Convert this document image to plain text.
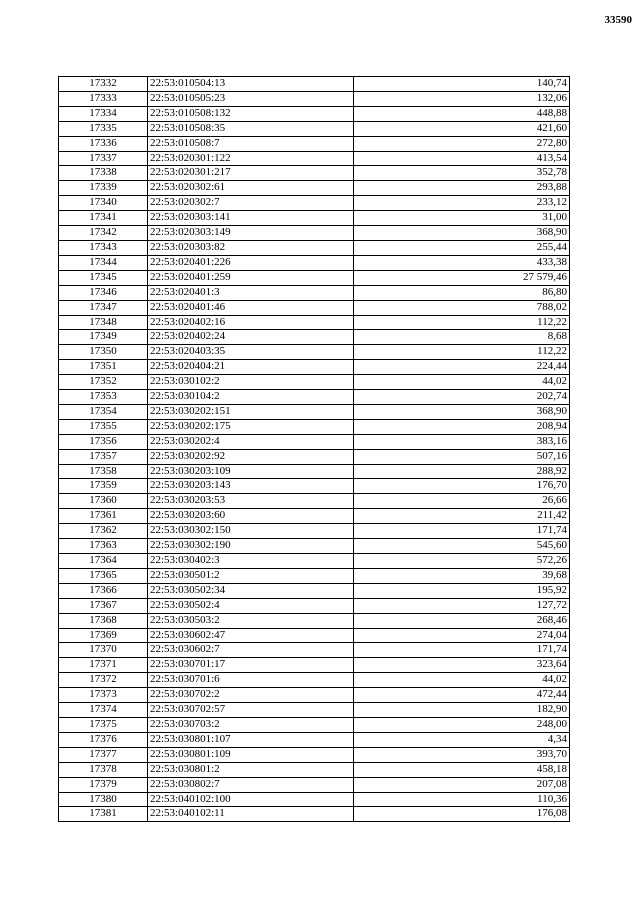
33590
17332	22:53:010504:13	140,74
17333	22:53:010505:23	132,06
17334	22:53:010508:132	448,88
17335	22:53:010508:35	421,60
17336	22:53:010508:7	272,80
17337	22:53:020301:122	413,54
17338	22:53:020301:217	352,78
17339	22:53:020302:61	293,88
17340	22:53:020302:7	233,12
17341	22:53:020303:141	31,00
17342	22:53:020303:149	368,90
17343	22:53:020303:82	255,44
17344	22:53:020401:226	433,38
17345	22:53:020401:259	27 579,46
17346	22:53:020401:3	86,80
17347	22:53:020401:46	788,02
17348	22:53:020402:16	112,22
17349	22:53:020402:24	8,68
17350	22:53:020403:35	112,22
17351	22:53:020404:21	224,44
17352	22:53:030102:2	44,02
17353	22:53:030104:2	202,74
17354	22:53:030202:151	368,90
17355	22:53:030202:175	208,94
17356	22:53:030202:4	383,16
17357	22:53:030202:92	507,16
17358	22:53:030203:109	288,92
17359	22:53:030203:143	176,70
17360	22:53:030203:53	26,66
17361	22:53:030203:60	211,42
17362	22:53:030302:150	171,74
17363	22:53:030302:190	545,60
17364	22:53:030402:3	572,26
17365	22:53:030501:2	39,68
17366	22:53:030502:34	195,92
17367	22:53:030502:4	127,72
17368	22:53:030503:2	268,46
17369	22:53:030602:47	274,04
17370	22:53:030602:7	171,74
17371	22:53:030701:17	323,64
17372	22:53:030701:6	44,02
17373	22:53:030702:2	472,44
17374	22:53:030702:57	182,90
17375	22:53:030703:2	248,00
17376	22:53:030801:107	4,34
17377	22:53:030801:109	393,70
17378	22:53:030801:2	458,18
17379	22:53:030802:7	207,08
17380	22:53:040102:100	110,36
17381	22:53:040102:11	176,08
